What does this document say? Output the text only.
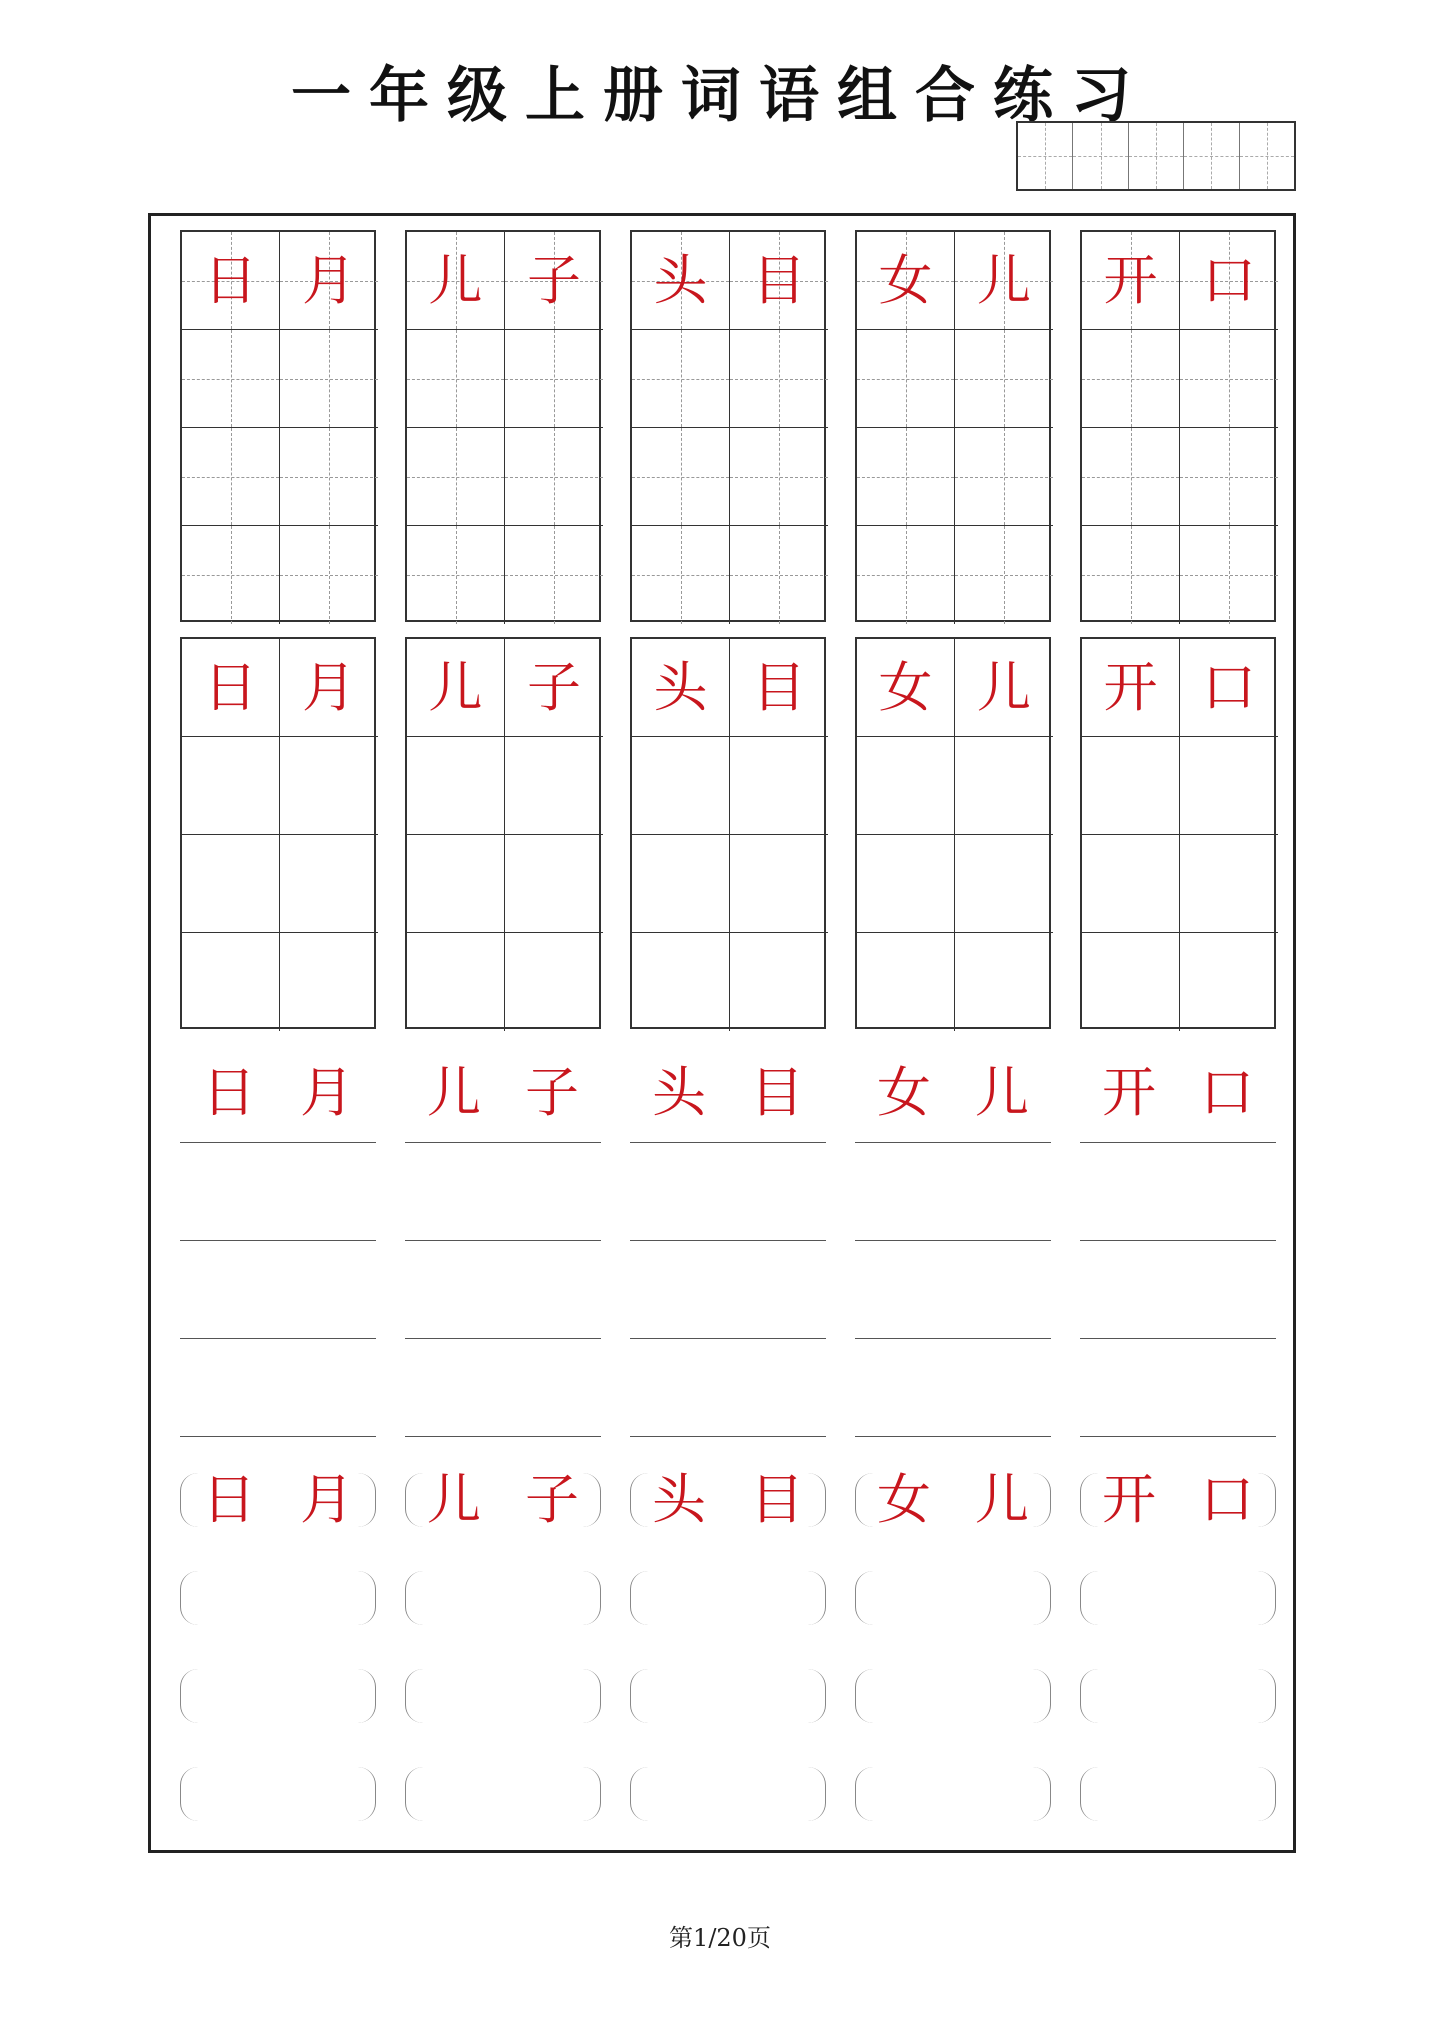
一年级上册词语组合练习
日 月
日 月
日 月
日 月
儿 子
儿 子
儿 子
儿 子
头 目
头 目
头 目
头 目
女 儿
女 儿
女 儿
女 儿
开 口
开 口
开 口
开 口
第1/20页
